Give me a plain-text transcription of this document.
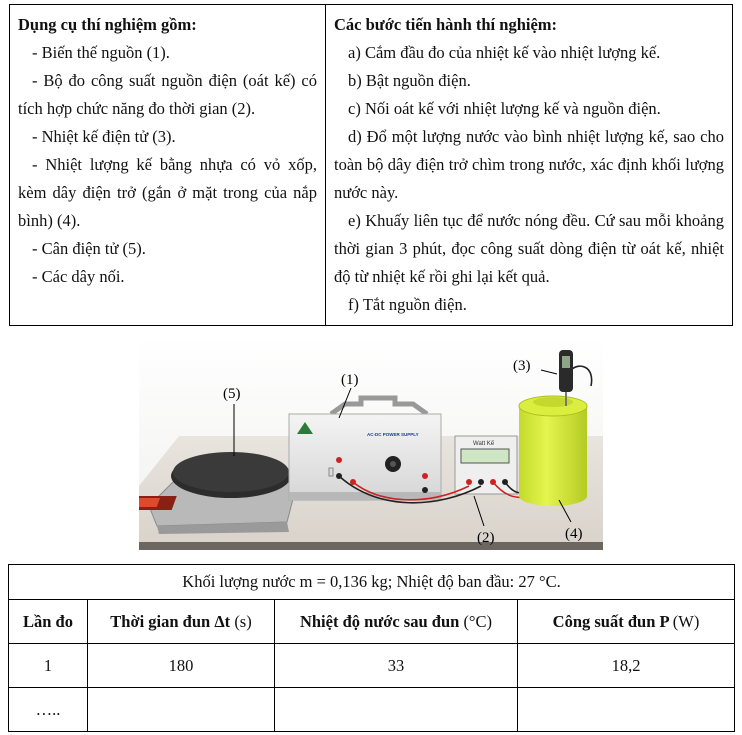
Dụng cụ thí nghiệm gồm:
- Biến thế nguồn (1).
- Bộ đo công suất nguồn điện (oát kế) có tích hợp chức năng đo thời gian (2).
- Nhiệt kế điện tử (3).
- Nhiệt lượng kế bằng nhựa có vỏ xốp, kèm dây điện trở (gắn ở mặt trong của nắp bình) (4).
- Cân điện tử (5).
- Các dây nối.

Các bước tiến hành thí nghiệm:
a) Cắm đầu đo của nhiệt kế vào nhiệt lượng kế.
b) Bật nguồn điện.
c) Nối oát kế với nhiệt lượng kế và nguồn điện.
d) Đổ một lượng nước vào bình nhiệt lượng kế, sao cho toàn bộ dây điện trở chìm trong nước, xác định khối lượng nước này.
e) Khuấy liên tục để nước nóng đều. Cứ sau mỗi khoảng thời gian 3 phút, đọc công suất dòng điện từ oát kế, nhiệt độ từ nhiệt kế rồi ghi lại kết quả.
f) Tắt nguồn điện.
AC-DC POWER SUPPLY
Watt Kế
(5)
(1)
(3)
(2)	(4)
Khối lượng nước m = 0,136 kg; Nhiệt độ ban đầu: 27 °C.			
Lần đo	Thời gian đun Δt (s)	Nhiệt độ nước sau đun (°C)	Công suất đun P (W)
1	180	33	18,2
…..			
